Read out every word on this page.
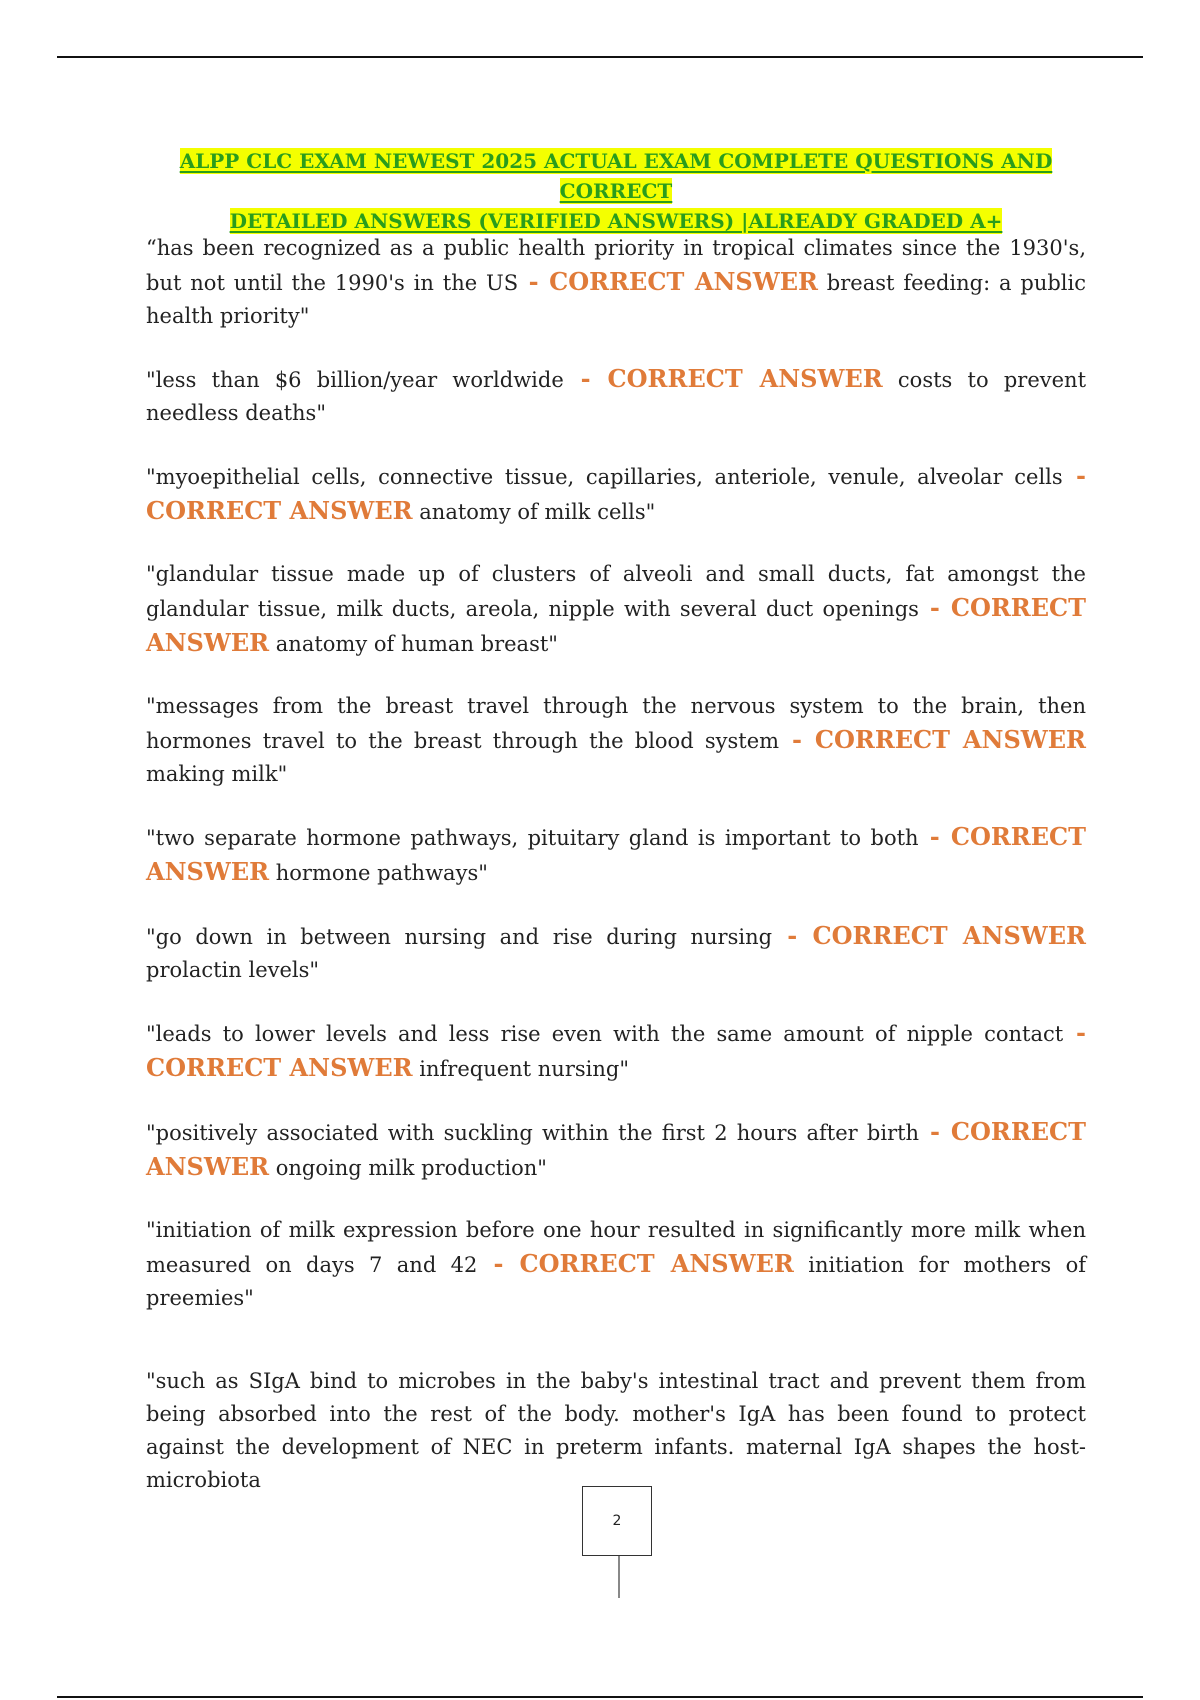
ALPP CLC EXAM NEWEST 2025 ACTUAL EXAM COMPLETE QUESTIONS AND CORRECT
DETAILED ANSWERS (VERIFIED ANSWERS) |ALREADY GRADED A+

“has been recognized as a public health priority in tropical climates since the 1930's, but not until the 1990's in the US - CORRECT ANSWER breast feeding: a public health priority"

"less than $6 billion/year worldwide - CORRECT ANSWER costs to prevent needless deaths"

"myoepithelial cells, connective tissue, capillaries, anteriole, venule, alveolar cells - CORRECT ANSWER anatomy of milk cells"

"glandular tissue made up of clusters of alveoli and small ducts, fat amongst the glandular tissue, milk ducts, areola, nipple with several duct openings - CORRECT ANSWER anatomy of human breast"

"messages from the breast travel through the nervous system to the brain, then hormones travel to the breast through the blood system - CORRECT ANSWER making milk"

"two separate hormone pathways, pituitary gland is important to both - CORRECT ANSWER hormone pathways"

"go down in between nursing and rise during nursing - CORRECT ANSWER prolactin levels"

"leads to lower levels and less rise even with the same amount of nipple contact - CORRECT ANSWER infrequent nursing"

"positively associated with suckling within the first 2 hours after birth - CORRECT ANSWER ongoing milk production"

"initiation of milk expression before one hour resulted in significantly more milk when measured on days 7 and 42 - CORRECT ANSWER initiation for mothers of preemies"

"such as SIgA bind to microbes in the baby's intestinal tract and prevent them from being absorbed into the rest of the body. mother's IgA has been found to protect against the development of NEC in preterm infants. maternal IgA shapes the host-microbiota

2
